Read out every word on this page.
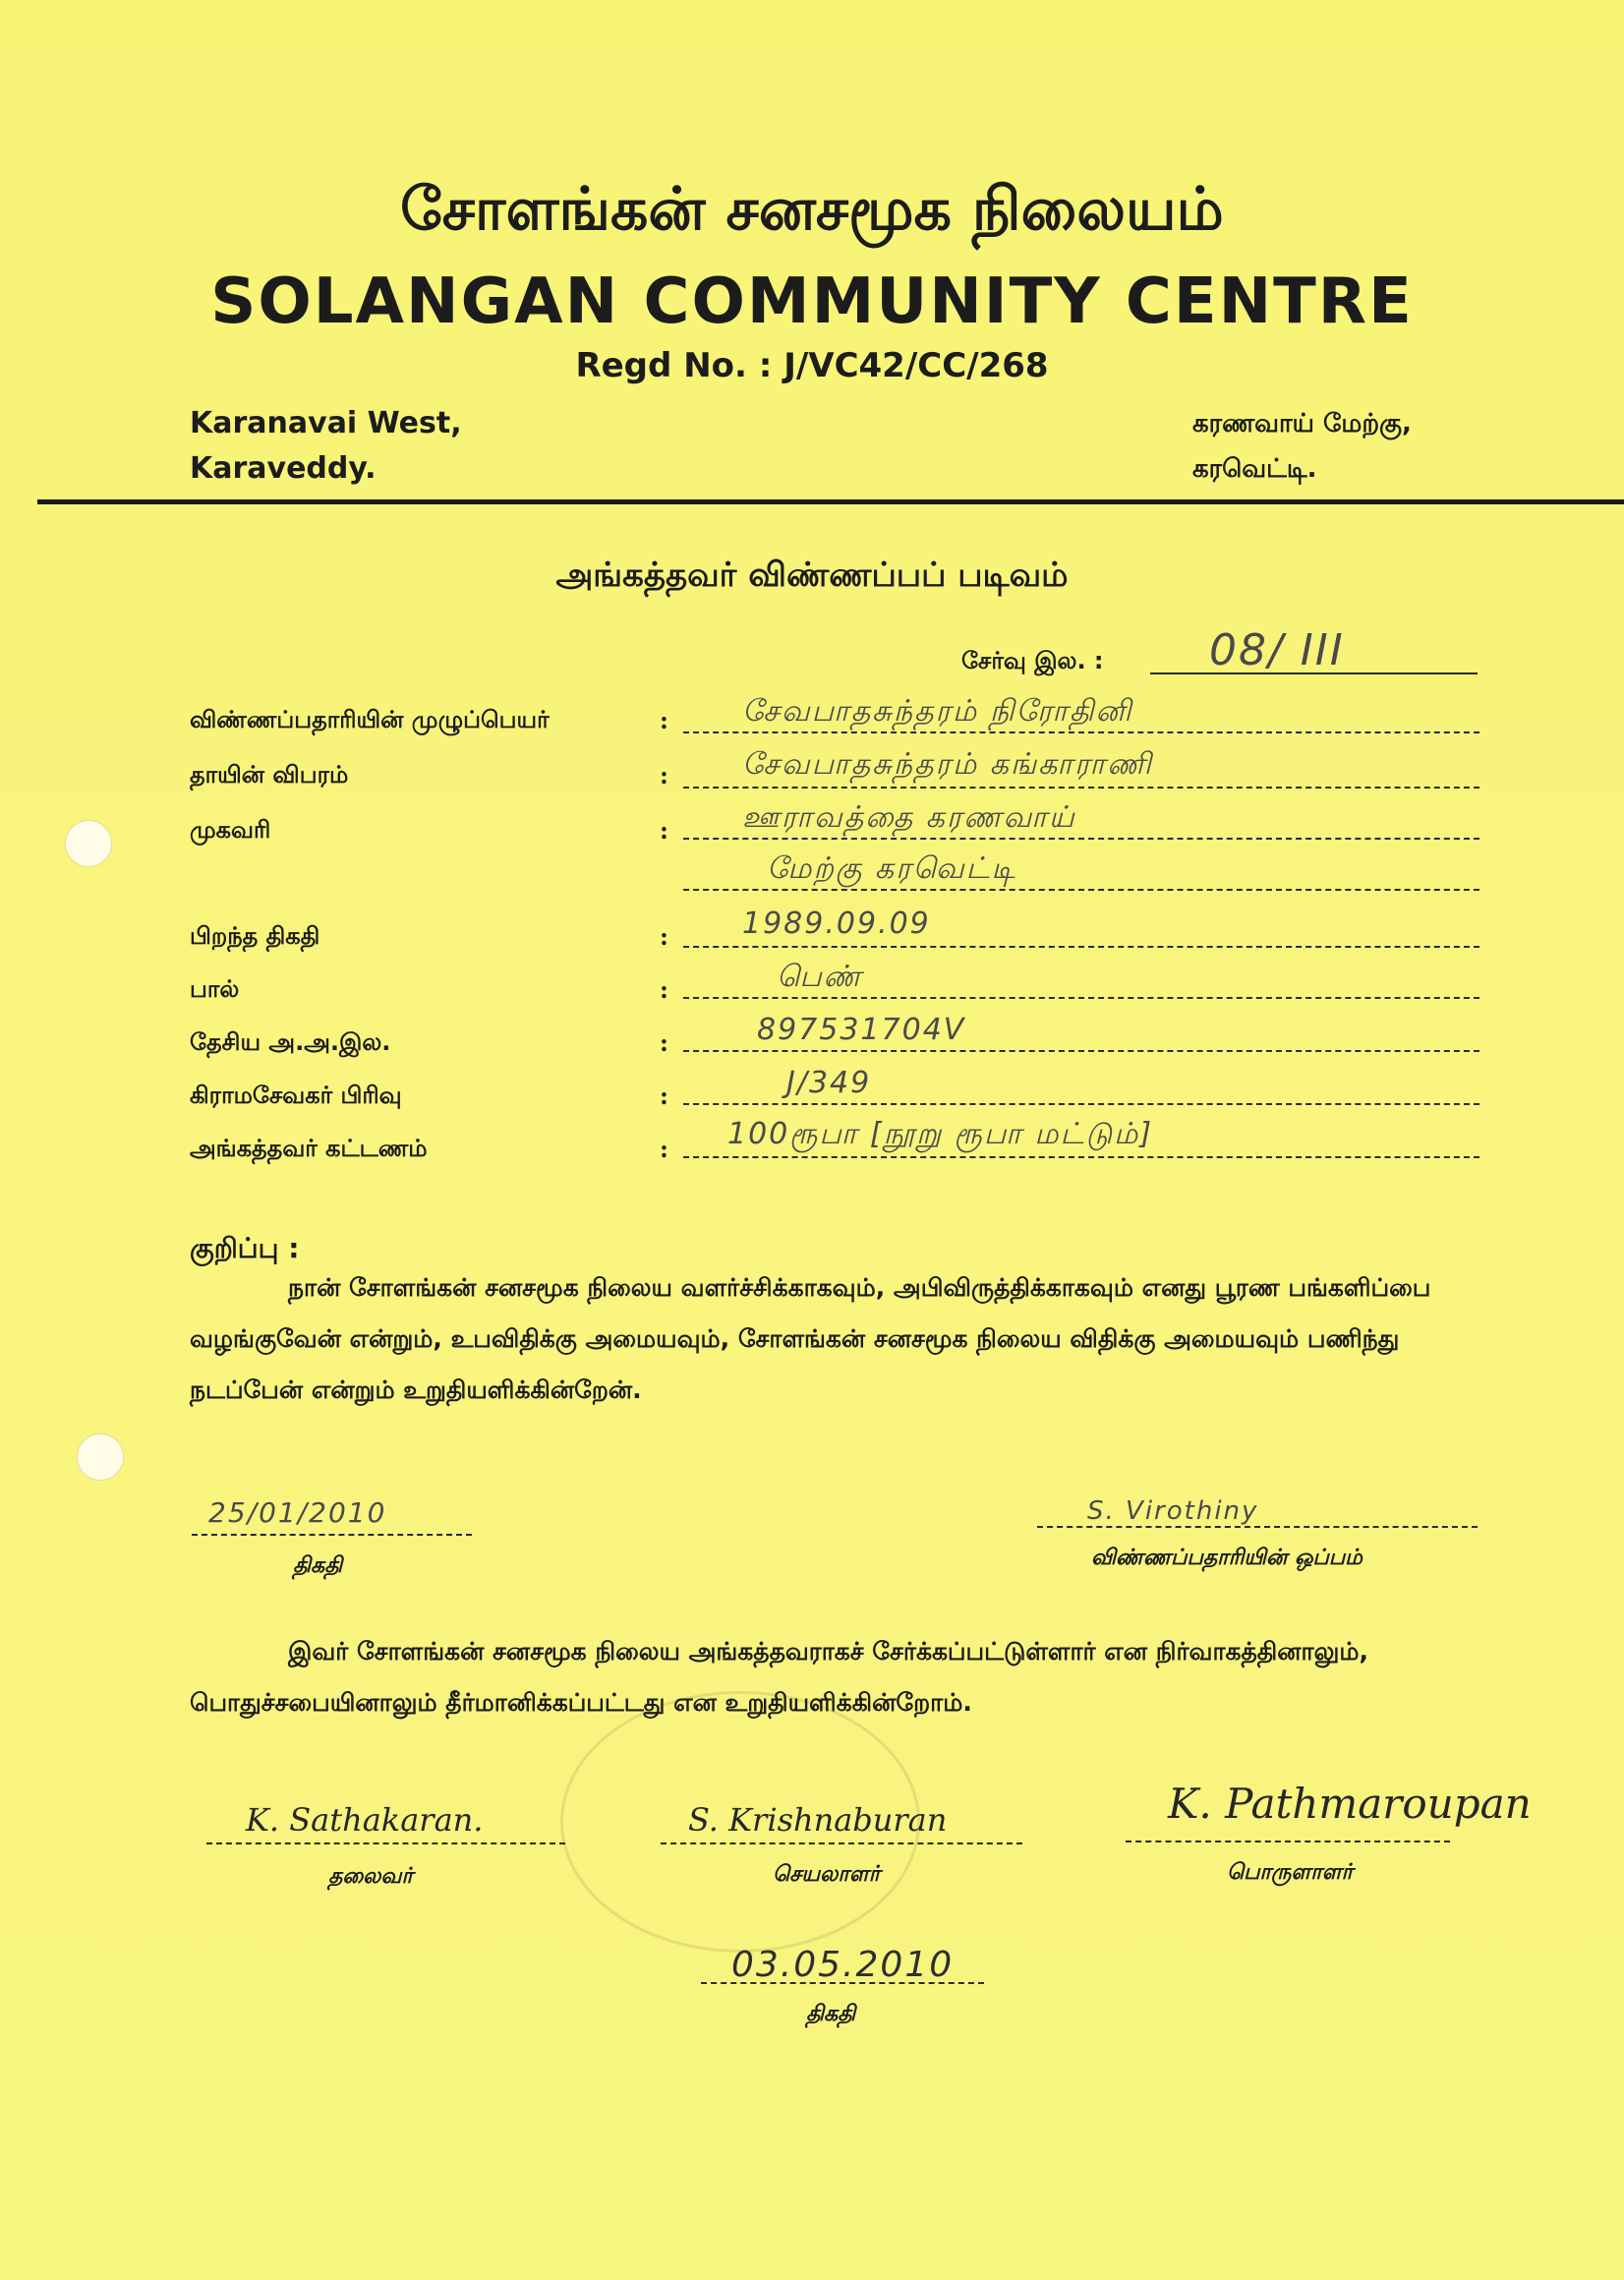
சோளங்கன் சனசமூக நிலையம்
SOLANGAN COMMUNITY CENTRE
Regd No. : J/VC42/CC/268
Karanavai West,
Karaveddy.
கரணவாய் மேற்கு,
கரவெட்டி.
அங்கத்தவர் விண்ணப்பப் படிவம்
சேர்வு இல. : 08/ III
விண்ணப்பதாரியின் முழுப்பெயர்	:	சேவபாதசுந்தரம் நிரோதினி
தாயின் விபரம்	:	சேவபாதசுந்தரம் கங்காராணி
முகவரி	:	ஊராவத்தை கரணவாய்
மேற்கு கரவெட்டி
பிறந்த திகதி	:	1989.09.09
பால்	:	பெண்
தேசிய அ.அ.இல.	:	897531704V
கிராமசேவகர் பிரிவு	:	J/349
அங்கத்தவர் கட்டணம்	: 100ரூபா [நூறு ரூபா மட்டும்]
குறிப்பு :
நான் சோளங்கன் சனசமூக நிலைய வளர்ச்சிக்காகவும், அபிவிருத்திக்காகவும் எனது பூரண பங்களிப்பை வழங்குவேன் என்றும், உபவிதிக்கு அமையவும், சோளங்கன் சனசமூக நிலைய விதிக்கு அமையவும் பணிந்து நடப்பேன் என்றும் உறுதியளிக்கின்றேன்.
25/01/2010
திகதி
S. Virothiny
விண்ணப்பதாரியின் ஒப்பம்
இவர் சோளங்கன் சனசமூக நிலைய அங்கத்தவராகச் சேர்க்கப்பட்டுள்ளார் என நிர்வாகத்தினாலும், பொதுச்சபையினாலும் தீர்மானிக்கப்பட்டது என உறுதியளிக்கின்றோம்.
K. Sathakaran.
தலைவர்
S. Krishnaburan
செயலாளர்
K. Pathmaroupan
பொருளாளர்
03.05.2010
திகதி
